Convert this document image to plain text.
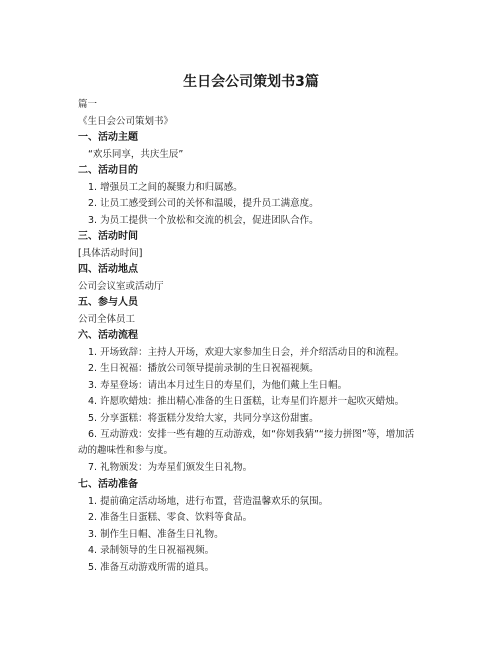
生日会公司策划书3篇
篇一
《生日会公司策划书》
一、活动主题
“欢乐同享，共庆生辰”
二、活动目的
1. 增强员工之间的凝聚力和归属感。
2. 让员工感受到公司的关怀和温暖，提升员工满意度。
3. 为员工提供一个放松和交流的机会，促进团队合作。
三、活动时间
[具体活动时间]
四、活动地点
公司会议室或活动厅
五、参与人员
公司全体员工
六、活动流程
1. 开场致辞：主持人开场，欢迎大家参加生日会，并介绍活动目的和流程。
2. 生日祝福：播放公司领导提前录制的生日祝福视频。
3. 寿星登场：请出本月过生日的寿星们，为他们戴上生日帽。
4. 许愿吹蜡烛：推出精心准备的生日蛋糕，让寿星们许愿并一起吹灭蜡烛。
5. 分享蛋糕：将蛋糕分发给大家，共同分享这份甜蜜。
6. 互动游戏：安排一些有趣的互动游戏，如“你划我猜”“接力拼图”等，增加活
动的趣味性和参与度。
7. 礼物颁发：为寿星们颁发生日礼物。
七、活动准备
1. 提前确定活动场地，进行布置，营造温馨欢乐的氛围。
2. 准备生日蛋糕、零食、饮料等食品。
3. 制作生日帽、准备生日礼物。
4. 录制领导的生日祝福视频。
5. 准备互动游戏所需的道具。
